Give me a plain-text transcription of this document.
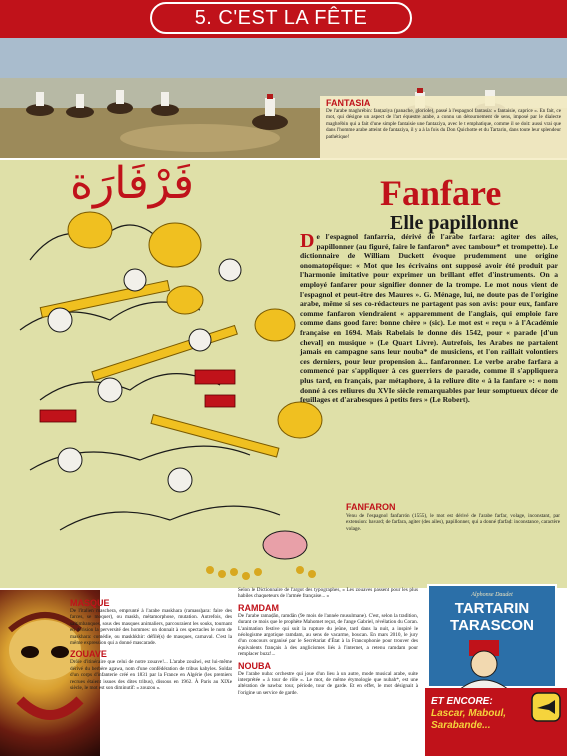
5. C'EST LA FÊTE
FANTASIA
De l'arabe maghrébin: fanṭaziya (panache, gloriole), passé à l'espagnol fantasía: « fantaisie, caprice ». En fait, ce mot, qui désigne un aspect de l'art équestre arabe, a connu un détournement de sens, imposé par le dialecte maghrébin qui a fait d'une simple fantaisie une fantaziya, avec le t emphatique, comme il se doit: aussi vrai que dans l'homme arabe atteint de fantaziya, il y a à la fois du Don Quichotte et du Tartarin, dans toute leur splendeur pathétique!
فَرْفَارَة	Fanfare
Elle papillonne
De l'espagnol fanfarria, dérivé de l'arabe farfara: agiter des ailes, papillonner (au figuré, faire le fanfaron* avec tambour* et trompette). Le dictionnaire de William Duckett évoque prudemment une origine onomatopéique: « Mot que les écrivains ont supposé avoir été produit par l'harmonie imitative pour exprimer un brillant effet d'instruments. On a employé fanfarer pour signifier donner de la trompe. Le mot nous vient de l'espagnol et peut-être des Maures ». G. Ménage, lui, ne doute pas de l'origine arabe, même si ses co-rédacteurs ne partagent pas son avis: pour eux, fanfare comme fanfaron viendraient « apparemment de l'anglais, qui emploie fare comme dans good fare: bonne chère » (sic). Le mot est « reçu » à l'Académie française en 1694. Mais Rabelais le donne dès 1542, pour « parade [d'un cheval] en musique » (Le Quart Livre). Autrefois, les Arabes ne partaient jamais en campagne sans leur nouba* de musiciens, et l'on raillait volontiers ces derniers, pour leur propension à... fanfaronner. Le verbe arabe farfara a commencé par s'appliquer à ces guerriers de parade, comme il s'appliquera plus tard, en français, par métaphore, à la reliure dite « à la fanfare »: « nom donné à ces reliures du XVIe siècle remarquables par leur somptueux décor de feuillages et d'arabesques à petits fers » (Le Robert).
FANFARON
Venu de l'espagnol fanfarrón (1555), le mot est dérivé de l'arabe farfar, volage, inconstant, par extension: bavard; de farfara, agiter (des ailes), papillonner, qui a donné ṭfarfaḍ: inconstance, caractère volage.
MASQUE
De l'italien maschera, emprunté à l'arabe maskhara (ramassḫara: faire des farces, se moquer), ou maskh, métamorphose, mutation. Autrefois, des saltimbanques, sous des masques animaliers, parcouraient les souks, tournant en dérision la perversité des hommes: on donnait à ces spectacles le nom de maskhara: comédie, ou maskhkhir: défilé(s) de masques, carnaval. C'est la même expression qui a donné mascarade.
ZOUAVE
Drôle d'itinéraire que celui de notre zouave!... L'arabe zouâwi, est lui-même dérivé du berbère agawa, nom d'une confédération de tribus kabyles. Soldat d'un corps d'infanterie créé en 1831 par la France en Algérie (les premiers recrues étaient issues des dites tribus), dissous en 1962. À Paris au XIXe siècle, le mot est son diminutif: « zouzou ».
Selon le Dictionnaire de l'argot des typographes, « Les zouaves passent pour les plus habiles chaqueteurs de l'armée française... »
RAMDAM
De l'arabe ramaḍân, ramdân (9e mois de l'année musulmane). C'est, selon la tradition, durant ce mois que le prophète Mahomet reçut, de l'ange Gabriel, révélation du Coran. L'animation festive qui suit la rupture du jeûne, tard dans la nuit, a inspiré le néologisme argotique ramdam, au sens de vacarme, boucan. En mars 2010, le jury d'un concours organisé par le Secrétariat d'État à la Francophonie pour trouver des équivalents français à des anglicismes liés à l'internet, a retenu ramdam pour remplacer buzz!...
NOUBA
De l'arabe nuba: orchestre qui joue d'un lieu à un autre, mode musical arabe, suite interprétée « à tour de rôle ». Le mot, de même étymologie que nubah*, est une altération de nawba: tour, période, tour de garde. Et en effet, le mot désignait à l'origine un service de garde.
Alphonse Daudet
TARTARIN
TARASCON
ET ENCORE:
Lascar, Maboul, Sarabande...
